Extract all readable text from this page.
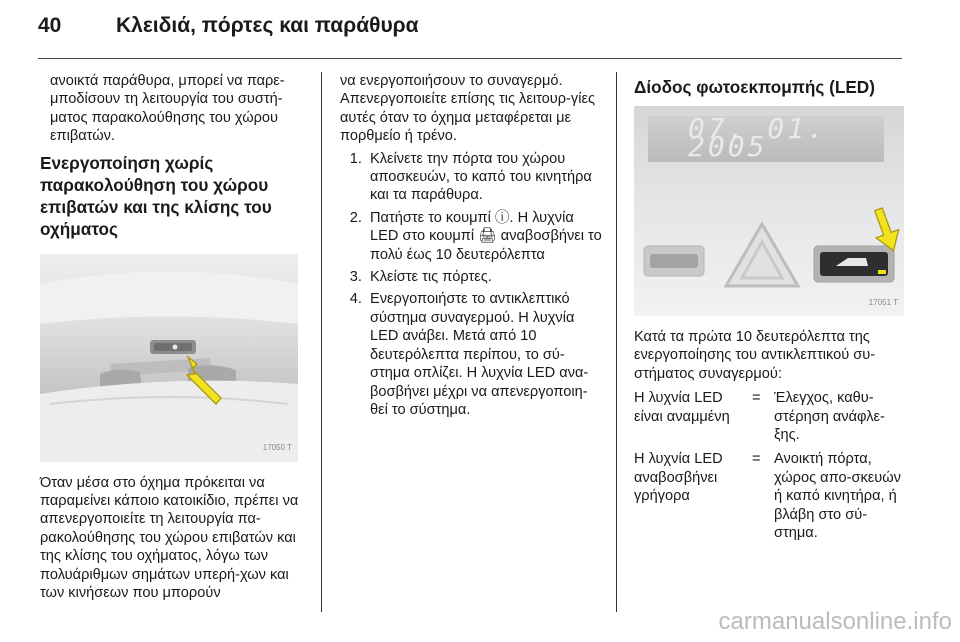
40	Κλειδιά, πόρτες και παράθυρα

ανοικτά παράθυρα, μπορεί να παρε-μποδίσουν τη λειτουργία του συστή-ματος παρακολούθησης του χώρου επιβατών.

Ενεργοποίηση χωρίς παρακολούθηση του χώρου επιβατών και της κλίσης του οχήματος
17050 T

Όταν μέσα στο όχημα πρόκειται να παραμείνει κάποιο κατοικίδιο, πρέπει να απενεργοποιείτε τη λειτουργία πα-ρακολούθησης του χώρου επιβατών και της κλίσης του οχήματος, λόγω των πολυάριθμων σημάτων υπερή-χων και των κινήσεων που μπορούν

να ενεργοποιήσουν το συναγερμό. Απενεργοποιείτε επίσης τις λειτουρ-γίες αυτές όταν το όχημα μεταφέρεται με πορθμείο ή τρένο.

1. Κλείνετε την πόρτα του χώρου αποσκευών, το καπό του κινητήρα και τα παράθυρα.
2. Πατήστε το κουμπί ⓘ. Η λυχνία LED στο κουμπί 🖨 αναβοσβήνει το πολύ έως 10 δευτερόλεπτα
3. Κλείστε τις πόρτες.
4. Ενεργοποιήστε το αντικλεπτικό σύστημα συναγερμού. Η λυχνία LED ανάβει. Μετά από 10 δευτερόλεπτα περίπου, το σύ-στημα οπλίζει. Η λυχνία LED ανα-βοσβήνει μέχρι να απενεργοποιη-θεί το σύστημα.
Δίοδος φωτοεκπομπής (LED)
07. 01. 2005
17051 T

Κατά τα πρώτα 10 δευτερόλεπτα της ενεργοποίησης του αντικλεπτικού συ-στήματος συναγερμού:

Η λυχνία LED είναι αναμμένη
= Έλεγχος, καθυ-στέρηση ανάφλε-ξης.
Η λυχνία LED αναβοσβήνει γρήγορα
= Ανοικτή πόρτα, χώρος απο-σκευών ή καπό κινητήρα, ή βλάβη στο σύ-στημα.
carmanualsonline.info
